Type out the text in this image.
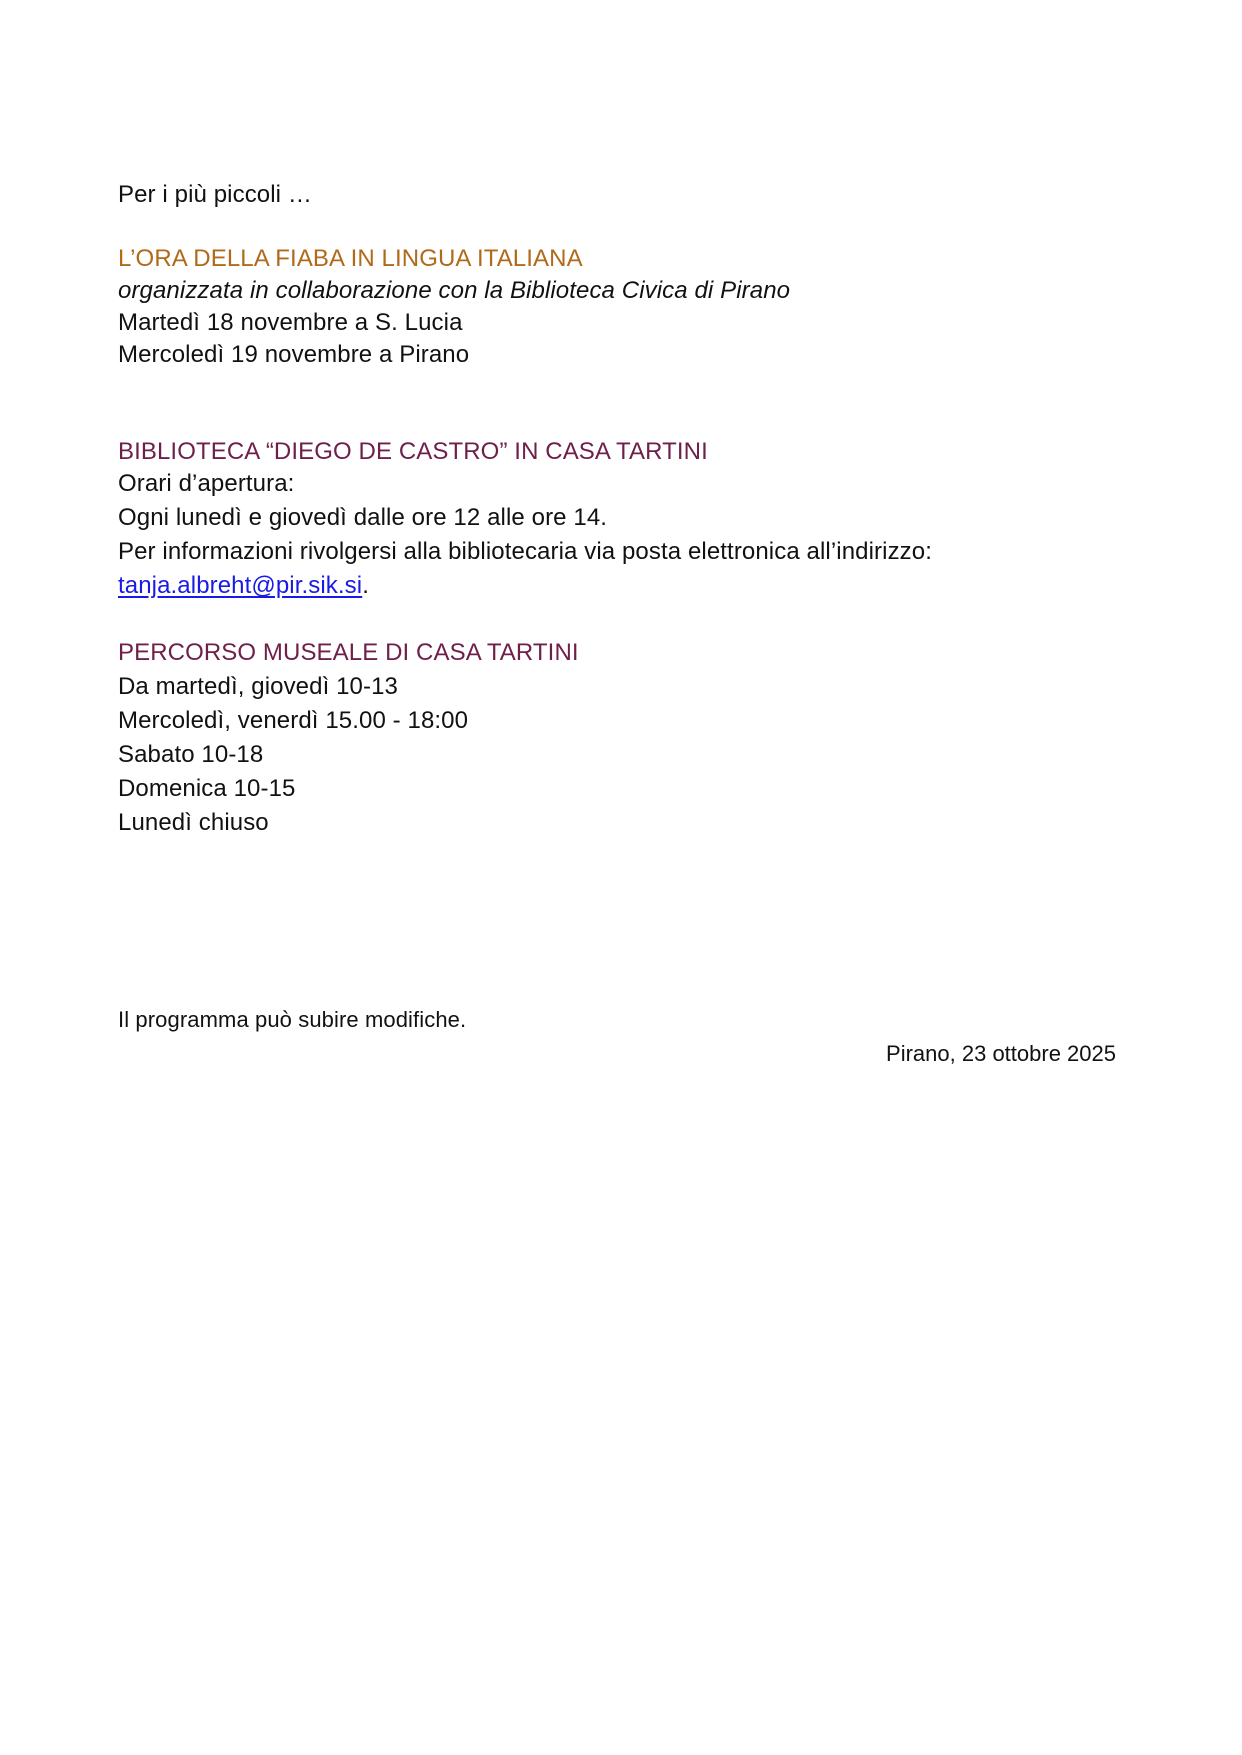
Per i più piccoli …
L’ORA DELLA FIABA IN LINGUA ITALIANA
organizzata in collaborazione con la Biblioteca Civica di Pirano
Martedì 18 novembre a S. Lucia
Mercoledì 19 novembre a Pirano
BIBLIOTECA “DIEGO DE CASTRO” IN CASA TARTINI
Orari d’apertura:
Ogni lunedì e giovedì dalle ore 12 alle ore 14.
Per informazioni rivolgersi alla bibliotecaria via posta elettronica all’indirizzo:
tanja.albreht@pir.sik.si.
PERCORSO MUSEALE DI CASA TARTINI
Da martedì, giovedì 10-13
Mercoledì, venerdì 15.00 - 18:00
Sabato 10-18
Domenica 10-15
Lunedì chiuso
Il programma può subire modifiche.
Pirano, 23 ottobre 2025
